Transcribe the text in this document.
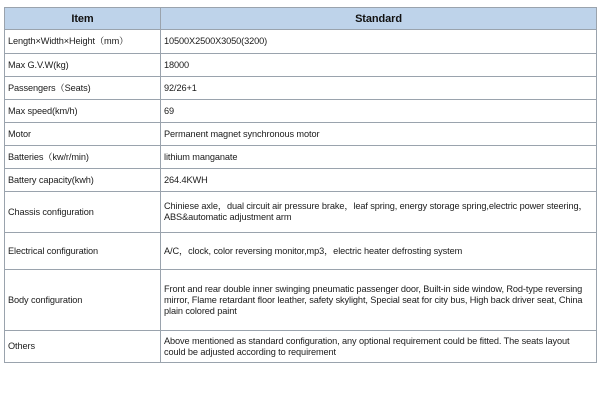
Item	Standard
Length×Width×Height（mm）	10500X2500X3050(3200)
Max G.V.W(kg)	18000
Passengers（Seats)	92/26+1
Max speed(km/h)	69
Motor	Permanent magnet synchronous motor
Batteries（kw/r/min)	lithium manganate
Battery capacity(kwh)	264.4KWH
Chassis configuration	Chiniese axle，dual circuit air pressure brake，leaf spring, energy storage spring,electric power steering，ABS&automatic adjustment arm
Electrical configuration	A/C，clock, color reversing monitor,mp3，electric heater defrosting system
Body configuration	Front and rear double inner swinging pneumatic passenger door, Built-in side window, Rod-type reversing mirror, Flame retardant floor leather, safety skylight, Special seat for city bus, High back driver seat, China plain colored paint
Others	Above mentioned as standard configuration, any optional requirement could be fitted. The seats layout could be adjusted according to requirement
